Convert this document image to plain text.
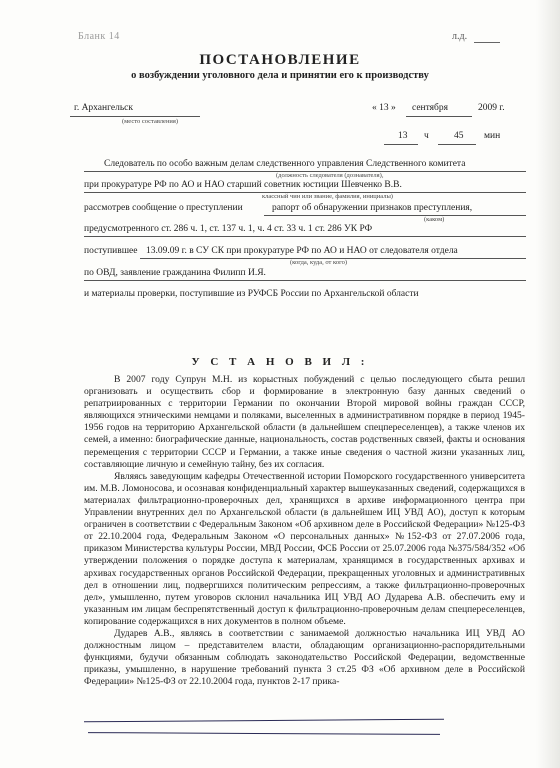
Бланк 14	л.д.
ПОСТАНОВЛЕНИЕ
о возбуждении уголовного дела и принятии его к производству
г. Архангельск
(место составления)
« 13 » сентября	2009 г.
13 ч	45 мин
Следователь по особо важным делам следственного управления Следственного комитета
(должность следователя (дознавателя),
при прокуратуре РФ по АО и НАО старший советник юстиции Шевченко В.В.
классный чин или звание, фамилия, инициалы)
рассмотрев сообщение о преступлении	рапорт об обнаружении признаков преступления,
(каком)
предусмотренного ст. 286 ч. 1, ст. 137 ч. 1, ч. 4 ст. 33 ч. 1 ст. 286 УК РФ
поступившее 13.09.09 г. в СУ СК при прокуратуре РФ по АО и НАО от следователя отдела
(когда, куда, от кого)
по ОВД, заявление гражданина Филипп И.Я.
и материалы проверки, поступившие из РУФСБ России по Архангельской области
У С Т А Н О В И Л :

В 2007 году Супрун М.Н. из корыстных побуждений с целью последующего сбыта решил организовать и осуществить сбор и формирование в электронную базу данных сведений о репатриированных с территории Германии по окончании Второй мировой войны граждан СССР, являющихся этническими немцами и поляками, выселенных в административном порядке в период 1945-1956 годов на территорию Архангельской области (в дальнейшем спецпереселенцев), а также членов их семей, а именно: биографические данные, национальность, состав родственных связей, факты и основания перемещения с территории СССР и Германии, а также иные сведения о частной жизни указанных лиц, составляющие личную и семейную тайну, без их согласия.

Являясь заведующим кафедры Отечественной истории Поморского государственного университета им. М.В. Ломоносова, и осознавая конфиденциальный характер вышеуказанных сведений, содержащихся в материалах фильтрационно-проверочных дел, хранящихся в архиве информационного центра при Управлении внутренних дел по Архангельской области (в дальнейшем ИЦ УВД АО), доступ к которым ограничен в соответствии с Федеральным Законом «Об архивном деле в Российской Федерации» №125-ФЗ от 22.10.2004 года, Федеральным Законом «О персональных данных» №152-ФЗ от 27.07.2006 года, приказом Министерства культуры России, МВД России, ФСБ России от 25.07.2006 года №375/584/352 «Об утверждении положения о порядке доступа к материалам, хранящимся в государственных архивах и архивах государственных органов Российской Федерации, прекращенных уголовных и административных дел в отношении лиц, подвергшихся политическим репрессиям, а также фильтрационно-проверочных дел», умышленно, путем уговоров склонил начальника ИЦ УВД АО Дударева А.В. обеспечить ему и указанным им лицам беспрепятственный доступ к фильтрационно-проверочным делам спецпереселенцев, копирование содержащихся в них документов в полном объеме.

Дударев А.В., являясь в соответствии с занимаемой должностью начальника ИЦ УВД АО должностным лицом – представителем власти, обладающим организационно-распорядительными функциями, будучи обязанным соблюдать законодательство Российской Федерации, ведомственные приказы, умышленно, в нарушение требований пункта 3 ст.25 ФЗ «Об архивном деле в Российской Федерации» №125-ФЗ от 22.10.2004 года, пунктов 2-17 прика-
